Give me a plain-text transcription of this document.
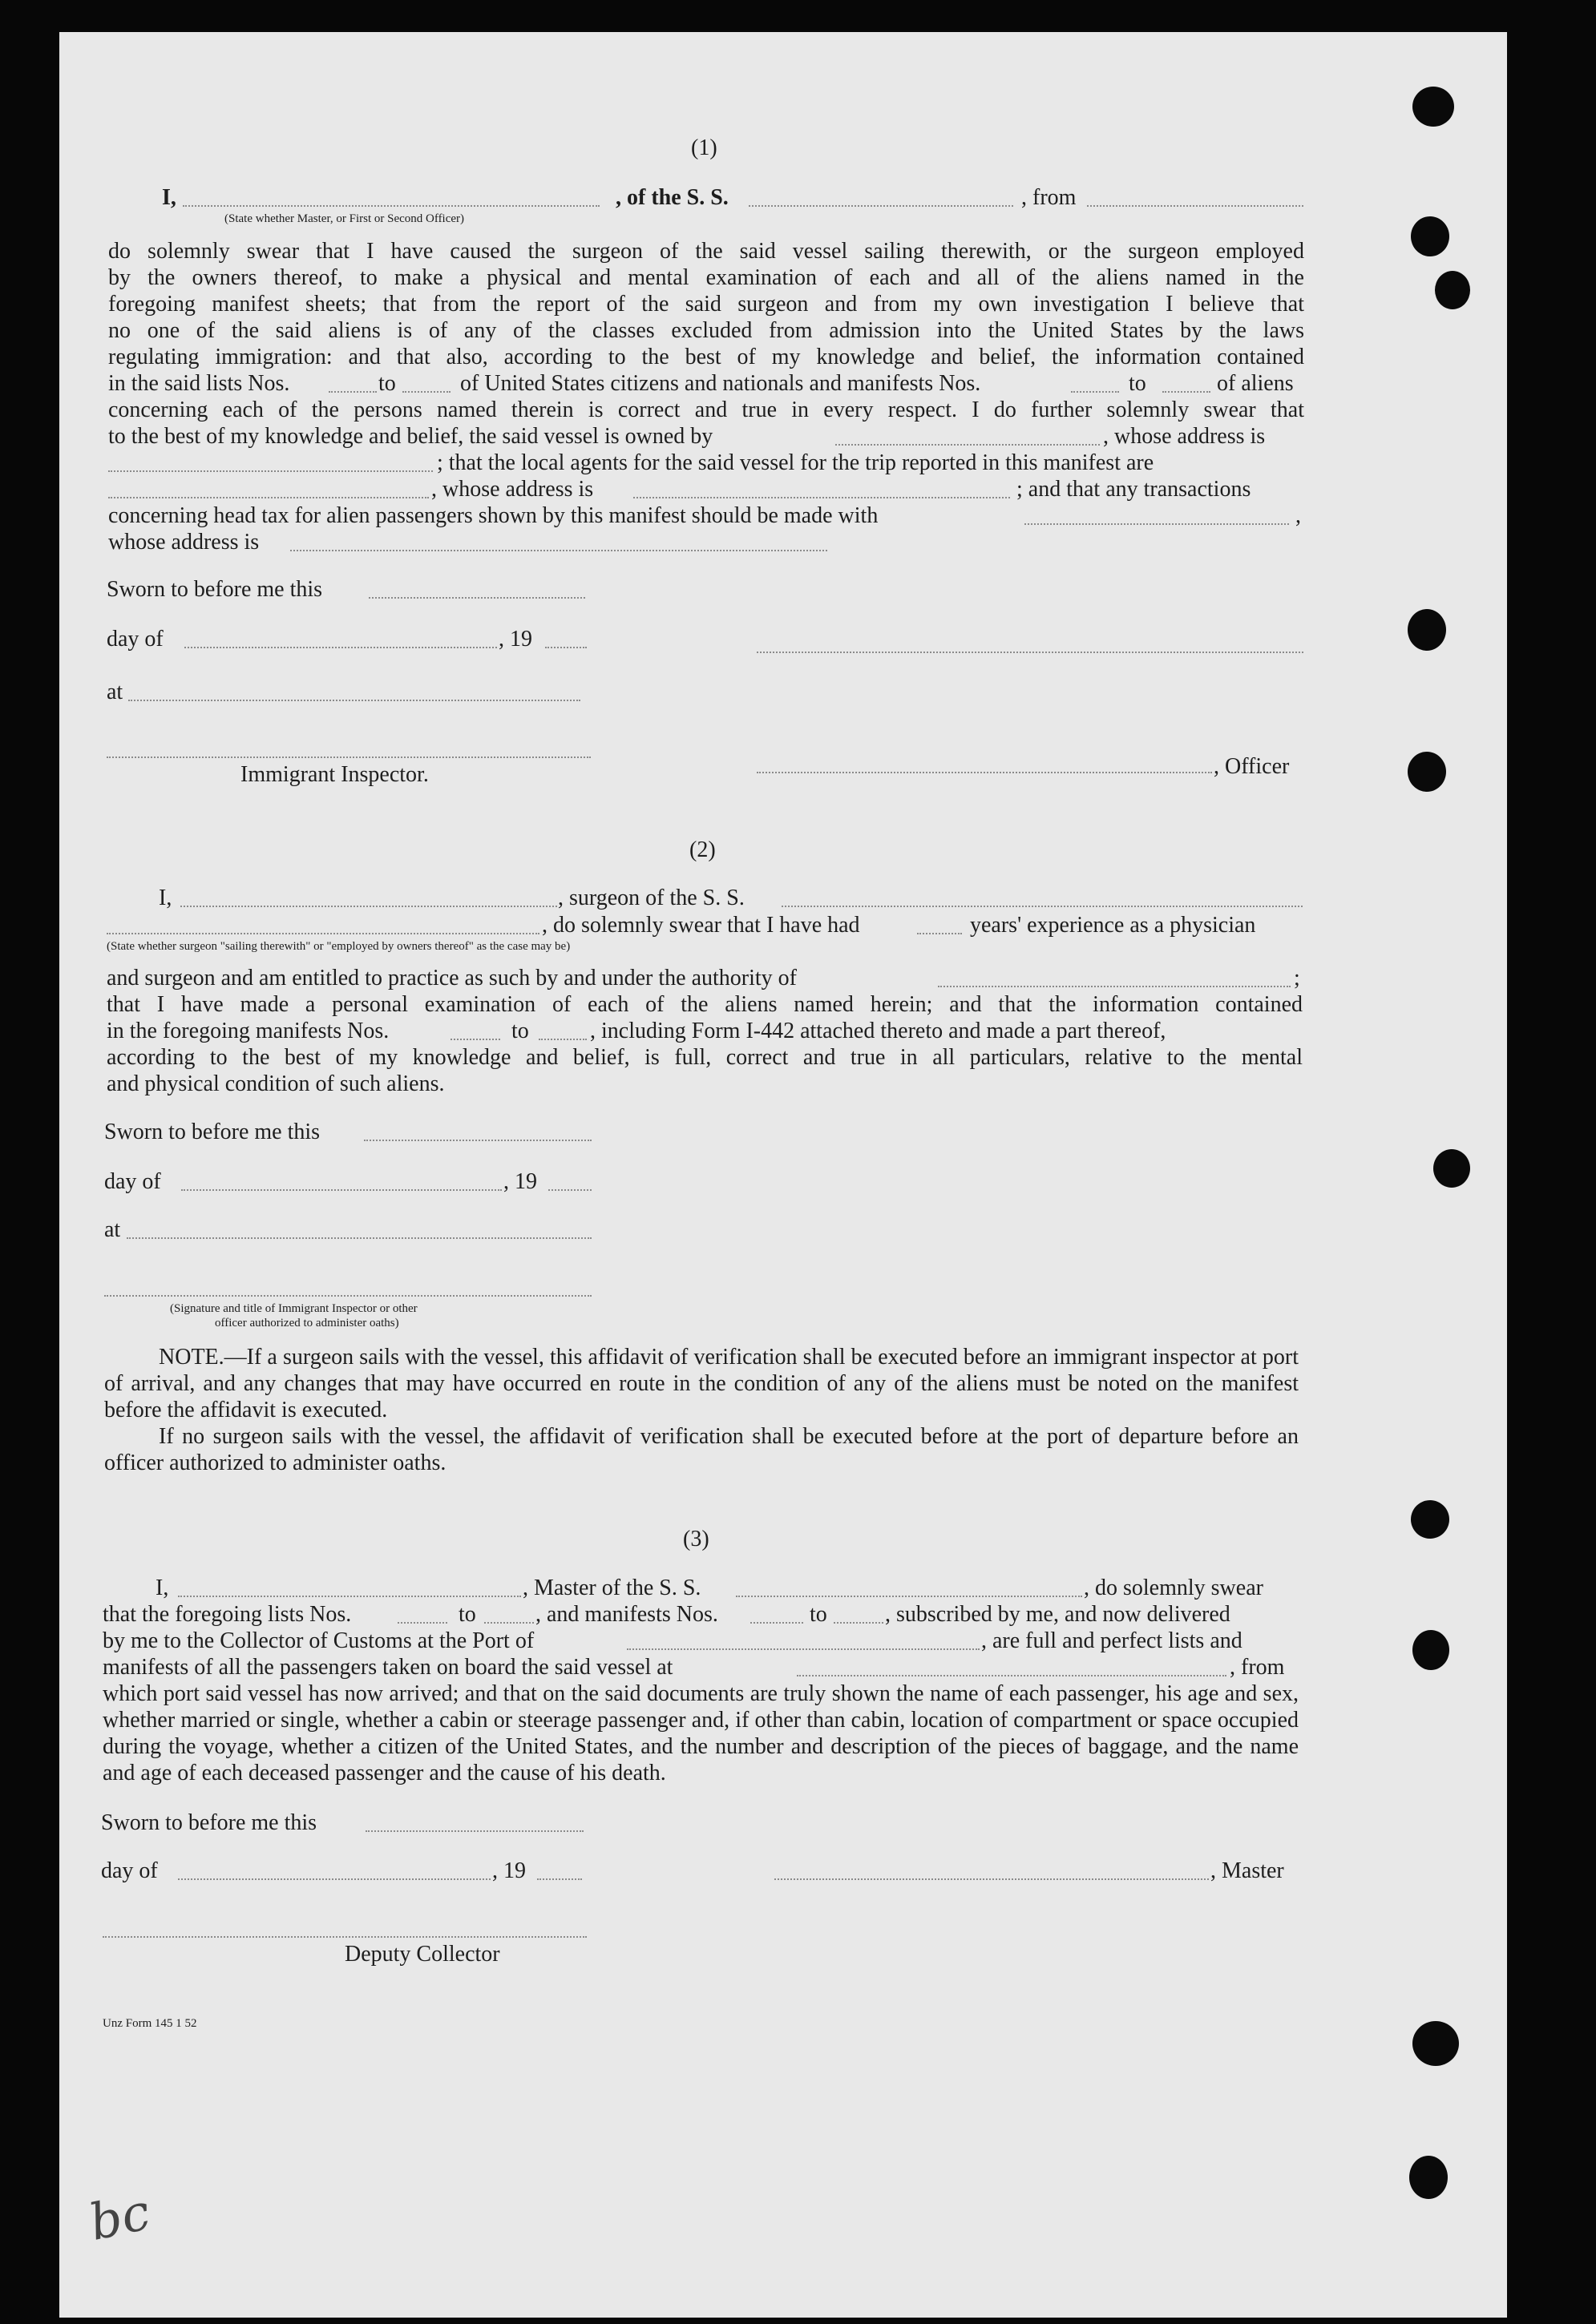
(1)
I,	, of the S. S.	, from
(State whether Master, or First or Second Officer)
do solemnly swear that I have caused the surgeon of the said vessel sailing therewith, or the surgeon employed
by the owners thereof, to make a physical and mental examination of each and all of the aliens named in the
foregoing manifest sheets; that from the report of the said surgeon and from my own investigation I believe that
no one of the said aliens is of any of the classes excluded from admission into the United States by the laws
regulating immigration: and that also, according to the best of my knowledge and belief, the information contained
in the said lists Nos.	to	of United States citizens and nationals and manifests Nos.	to	of aliens
concerning each of the persons named therein is correct and true in every respect. I do further solemnly swear that
to the best of my knowledge and belief, the said vessel is owned by	, whose address is
; that the local agents for the said vessel for the trip reported in this manifest are
, whose address is	; and that any transactions
concerning head tax for alien passengers shown by this manifest should be made with	,
whose address is
Sworn to before me this
day of	, 19
at
Immigrant Inspector.	, Officer
(2)
I,	, surgeon of the S. S.
, do solemnly swear that I have had	years' experience as a physician
(State whether surgeon "sailing therewith" or "employed by owners thereof" as the case may be)
and surgeon and am entitled to practice as such by and under the authority of	;
that I have made a personal examination of each of the aliens named herein; and that the information contained
in the foregoing manifests Nos.	to	, including Form I-442 attached thereto and made a part thereof,
according to the best of my knowledge and belief, is full, correct and true in all particulars, relative to the mental
and physical condition of such aliens.
Sworn to before me this
day of	, 19
at
(Signature and title of Immigrant Inspector or other
officer authorized to administer oaths)
NOTE.—If a surgeon sails with the vessel, this affidavit of verification shall be executed before an immigrant inspector at port of arrival, and any changes that may have occurred en route in the condition of any of the aliens must be noted on the manifest before the affidavit is executed.
If no surgeon sails with the vessel, the affidavit of verification shall be executed before at the port of departure before an officer authorized to administer oaths.
(3)
I,	, Master of the S. S.	, do solemnly swear
that the foregoing lists Nos.	to	, and manifests Nos.	to	, subscribed by me, and now delivered
by me to the Collector of Customs at the Port of	, are full and perfect lists and
manifests of all the passengers taken on board the said vessel at	, from
which port said vessel has now arrived; and that on the said documents are truly shown the name of each passenger, his age and sex, whether married or single, whether a cabin or steerage passenger and, if other than cabin, location of compartment or space occupied during the voyage, whether a citizen of the United States, and the number and description of the pieces of baggage, and the name and age of each deceased passenger and the cause of his death.
Sworn to before me this
day of	, 19	, Master
Deputy Collector
Unz Form 145 1 52
bc
